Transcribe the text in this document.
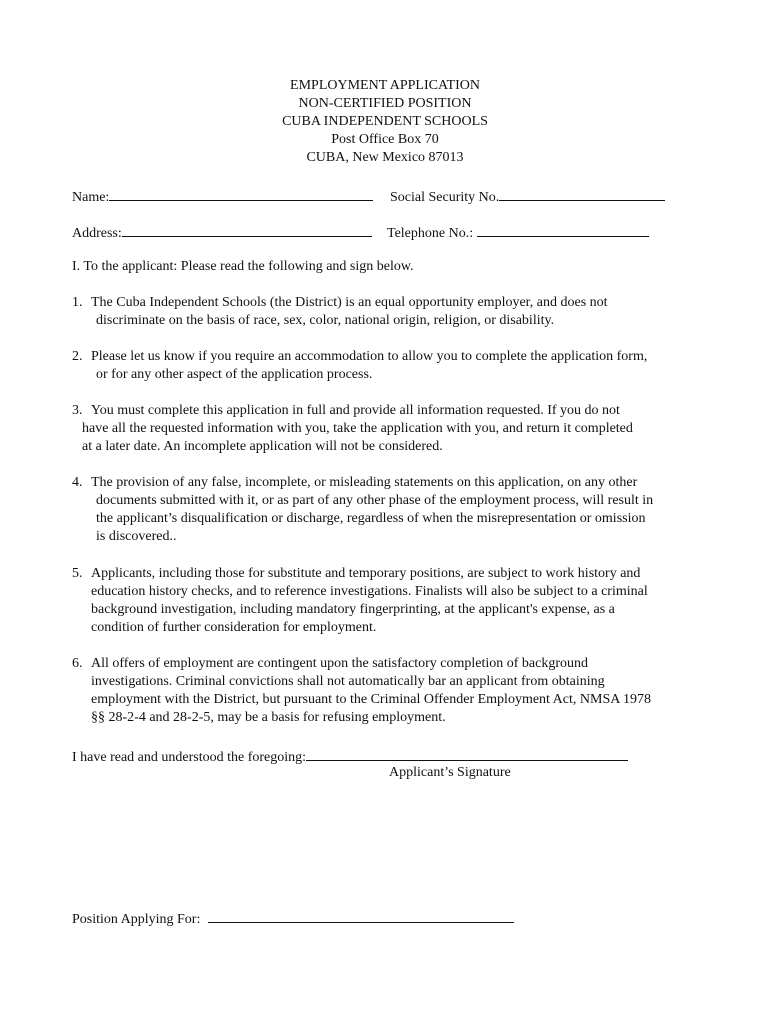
EMPLOYMENT APPLICATION
NON-CERTIFIED POSITION
CUBA INDEPENDENT SCHOOLS
Post Office Box 70
CUBA, New Mexico 87013
Name:	Social Security No.
Address:	Telephone No.:
I. To the applicant: Please read the following and sign below.
1. The Cuba Independent Schools (the District) is an equal opportunity employer, and does not
discriminate on the basis of race, sex, color, national origin, religion, or disability.
2. Please let us know if you require an accommodation to allow you to complete the application form,
or for any other aspect of the application process.
3. You must complete this application in full and provide all information requested. If you do not
have all the requested information with you, take the application with you, and return it completed
at a later date. An incomplete application will not be considered.
4. The provision of any false, incomplete, or misleading statements on this application, on any other
documents submitted with it, or as part of any other phase of the employment process, will result in
the applicant’s disqualification or discharge, regardless of when the misrepresentation or omission
is discovered..
5. Applicants, including those for substitute and temporary positions, are subject to work history and
education history checks, and to reference investigations. Finalists will also be subject to a criminal
background investigation, including mandatory fingerprinting, at the applicant's expense, as a
condition of further consideration for employment.
6. All offers of employment are contingent upon the satisfactory completion of background
investigations. Criminal convictions shall not automatically bar an applicant from obtaining
employment with the District, but pursuant to the Criminal Offender Employment Act, NMSA 1978
§§ 28-2-4 and 28-2-5, may be a basis for refusing employment.
I have read and understood the foregoing:
Applicant’s Signature
Position Applying For:
